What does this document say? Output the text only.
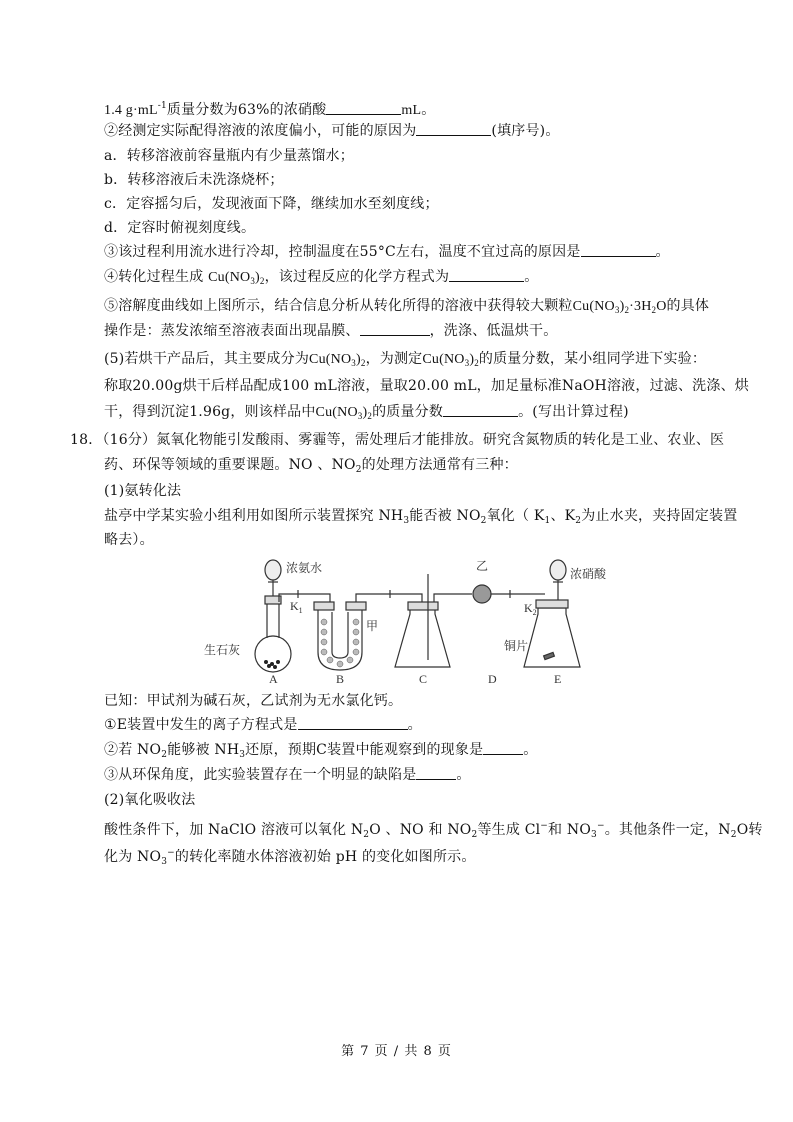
1.4 $g\cdot mL^{-1}$质量分数为63%的浓硝酸	mL。
②经测定实际配得溶液的浓度偏小，可能的原因为	(填序号)。
a．转移溶液前容量瓶内有少量蒸馏水；
b．转移溶液后未洗涤烧杯；
c．定容摇匀后，发现液面下降，继续加水至刻度线；
d．定容时俯视刻度线。
③该过程利用流水进行冷却，控制温度在55°C左右，温度不宜过高的原因是	。
④转化过程生成 $Cu(NO_3)_2$，该过程反应的化学方程式为	。
⑤溶解度曲线如上图所示，结合信息分析从转化所得的溶液中获得较大颗粒$Cu(NO_3)_2\cdot 3H_2O$的具体
操作是：蒸发浓缩至溶液表面出现晶膜、	，洗涤、低温烘干。
(5)若烘干产品后，其主要成分为$Cu(NO_3)_2$，为测定$Cu(NO_3)_2$的质量分数，某小组同学进下实验：
称取20.00g烘干后样品配成100 mL溶液，量取20.00 mL，加足量标准NaOH溶液，过滤、洗涤、烘
干，得到沉淀1.96g，则该样品中$Cu(NO_3)_2$的质量分数	。(写出计算过程)
18．（16分）氮氧化物能引发酸雨、雾霾等，需处理后才能排放。研究含氮物质的转化是工业、农业、医
药、环保等领域的重要课题。NO 、$NO_2$的处理方法通常有三种：
(1)氨转化法
盐亭中学某实验小组利用如图所示装置探究 $NH_3$能否被 $NO_2$氧化（ $K_1$、$K_2$为止水夹，夹持固定装置
略去）。
浓氨水
$K_1$
生石灰
甲
乙
浓硝酸
$K_2$
铜片
A	B	C	D	E
已知：甲试剂为碱石灰，乙试剂为无水氯化钙。
①E装置中发生的离子方程式是	。
②若 $NO_2$能够被 $NH_3$还原，预期C装置中能观察到的现象是	。
③从环保角度，此实验装置存在一个明显的缺陷是	。
(2)氧化吸收法
酸性条件下，加 NaClO 溶液可以氧化 $N_2O$ 、NO 和 $NO_2$等生成 Cl−和 $NO_3^-$。其他条件一定，$N_2O$转
化为 $NO_3^-$的转化率随水体溶液初始 pH 的变化如图所示。
第 7 页 / 共 8 页
